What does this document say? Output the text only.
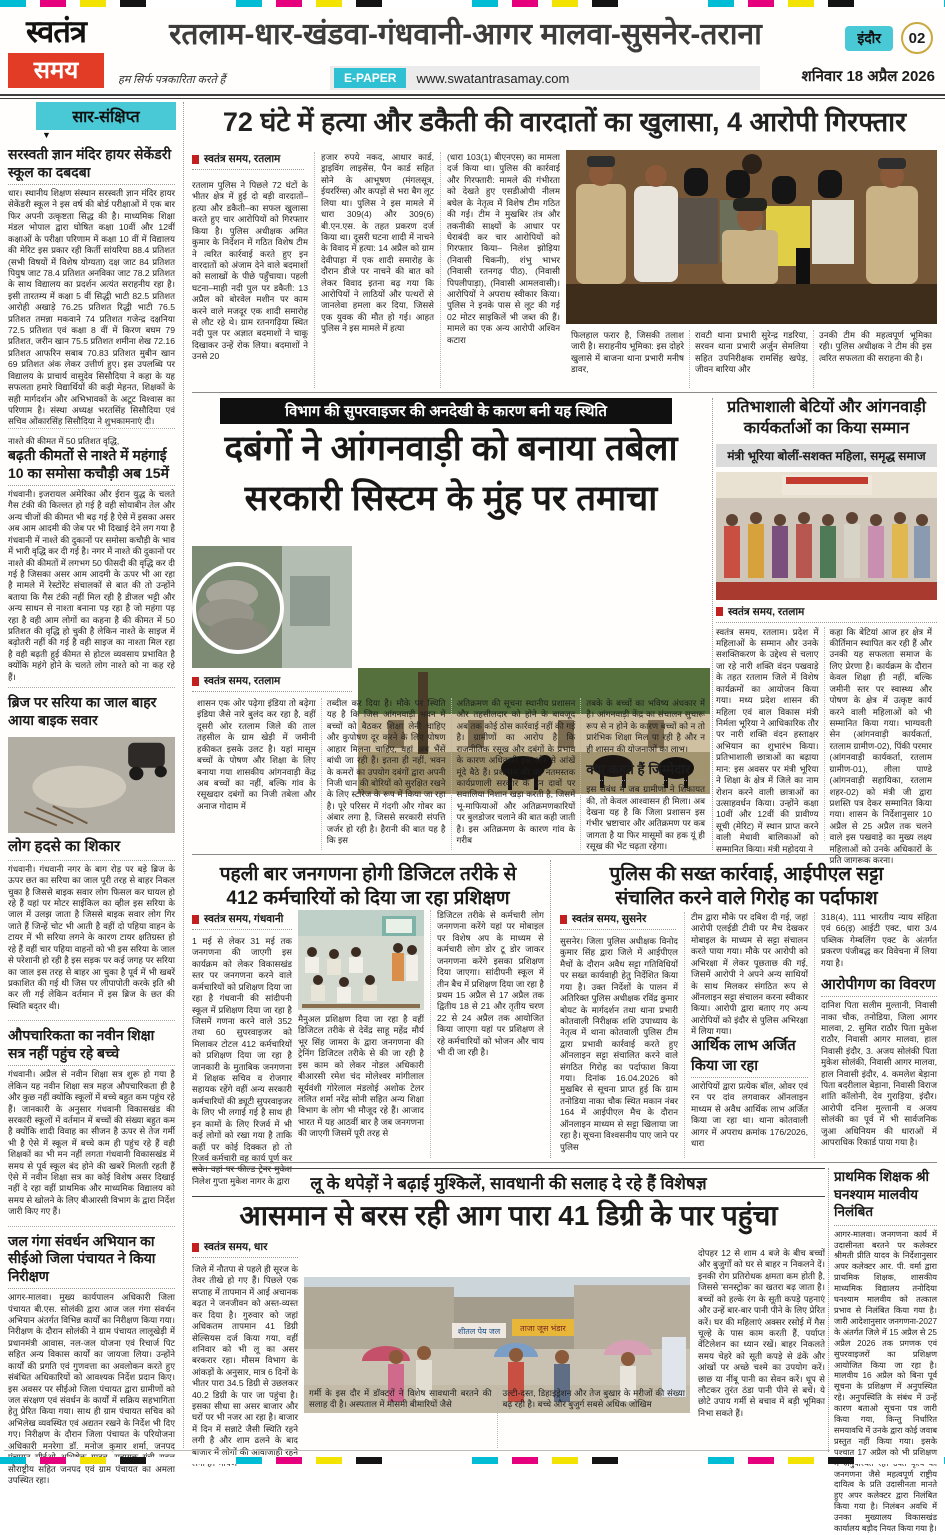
स्वतंत्र
समय
रतलाम-धार-खंडवा-गंधवानी-आगर मालवा-सुसनेर-तराना
हम सिर्फ पत्रकारिता करते हैं	E-PAPER	www.swatantrasamay.com
इंदौर	02
शनिवार 18 अप्रैल 2026
सार-संक्षिप्त
▼
सरस्वती ज्ञान मंदिर हायर सेकेंडरी स्कूल का दबदबा

धार। स्थानीय शिक्षण संस्थान सरस्वती ज्ञान मंदिर हायर सेकेंडरी स्कूल ने इस वर्ष की बोर्ड परीक्षाओं में एक बार फिर अपनी उत्कृष्टता सिद्ध की है। माध्यमिक शिक्षा मंडल भोपाल द्वारा घोषित कक्षा 10वीं और 12वीं कक्षाओं के परीक्षा परिणाम में कक्षा 10 वीं में विद्यालय की मेरिट इस प्रकार रही किर्ती सांयरिया 88.4 प्रतिशत (सभी विषयों में विशेष योग्यता) दक्ष जाट 84 प्रतिशत पियुष जाट 78.4 प्रतिशत अनविका जाट 78.2 प्रतिशत के साथ विद्यालय का प्रदर्शन अत्यंत सराहनीय रहा है। इसी तारतम्य में कक्षा 5 वीं सिद्धी भाटी 82.5 प्रतिशत आरोही अखाड़े 76.25 प्रतिशत रिद्धी भाटी 76.5 प्रतिशत तमन्ना मकवाने 74 प्रतिशत गजेन्द्र दक्षनिया 72.5 प्रतिशत एवं कक्षा 8 वीं में किरण बघम 79 प्रतिशत, जरीन खान 75.5 प्रतिशत शमीना शेख 72.16 प्रतिशत आफरिन सबाब 70.83 प्रतिशत मुबीन खान 69 प्रतिशत अंक लेकर उत्तीर्ण हुए। इस उपलब्धि पर विद्यालय के प्राचार्य वासुदेव सिसौदिया ने कहा के यह सफलता हमारे विद्यार्थियों की कड़ी मेहनत, शिक्षकों के सही मार्गदर्शन और अभिभावकों के अटूट विश्वास का परिणाम है। संस्था अध्यक्ष भरतसिंह सिसौदिया एवं सचिव ओंकारसिंह सिसौदिया ने शुभकामनाएं दी।

नाश्ते की कीमत में 50 प्रतिशत वृद्धि,
बढ़ती कीमतों से नाश्ते में महंगाई 10 का समोसा कचौड़ी अब 15में

गंधवानी। इजरायल अमेरिका और ईरान युद्ध के चलते गैस टंकी की किल्लत हो गई है वही सोयाबीन तेल और अन्य चीजों की कीमत भी बढ़ गई है ऐसे में इसका असर अब आम आदमी की जेब पर भी दिखाई देने लग गया है गंधवानी में नाश्ते की दुकानों पर समोसा कचौड़ी के भाव में भारी वृद्धि कर दी गई है। नगर में नाश्ते की दुकानों पर नाश्ते की कीमतों में लगभग 50 फीसदी की वृद्धि कर दी गई है जिसका असर आम आदमी के ऊपर भी आ रहा है मामले में रेस्टोरेंट संचालकों से बात की तो उन्होंने बताया कि गैस टंकी नहीं मिल रही है डीजल भट्टी और अन्य साधन से नाश्ता बनाना पड़ रहा है जो महंगा पड़ रहा है वही आम लोगों का कहना है की कीमत में 50 प्रतिशत की वृद्धि हो चुकी है लेकिन नाश्ते के साइज में बढ़ोतरी नहीं की गई है वही साइज का नाश्ता मिल रहा है वही बढ़ती हुई कीमत से होटल व्यवसाय प्रभावित है क्योंकि महंगे होने के चलते लोग नाश्ते को ना कह रहे हैं।

ब्रिज पर सरिया का जाल बाहर आया बाइक सवार
लोग हदसे का शिकार

गंधवानी। गंधवानी नगर के बाग रोड़ पर बड़े ब्रिज के ऊपर छत का सरिया का जाल पूरी तरह से बाहर निकल चुका है जिससे बाइक सवार लोग फिसल कर घायल हो रहे हैं यहां पर मोटर साईकिल का व्हील इस सरिया के जाल में उलझ जाता है जिससे बाइक सवार लोग गिर जाते हैं जिन्हें चोट भी आती है वहीं दो पहिया वाहन के टायर में भी सरिया लगने के कारण टायर क्षतिग्रस्त हो रहे हैं वहीं चार पहिया वाहनों को भी इस सरिया के जाल से परेशानी हो रही है इस सड़क पर कई जगह पर सरिया का जाल इस तरह से बाहर आ चुका है पूर्व में भी खबरें प्रकाशित की गई थी जिस पर लीपापोती करके इति श्री कर ली गई लेकिन वर्तमान में इस ब्रिज के छत की स्थिति बद्तर थी।

औपचारिकता का नवीन शिक्षा सत्र नहीं पहुंच रहे बच्चे

गंधवानी। अप्रैल से नवीन शिक्षा सत्र शुरू हो गया है लेकिन यह नवीन शिक्षा सत्र महज औपचारिकता ही है और कुछ नहीं क्योंकि स्कूलों में बच्चे बहुत कम पहुंच रहे हैं। जानकारी के अनुसार गंधवानी विकासखंड की सरकारी स्कूलों में वर्तमान में बच्चों की संख्या बहुत कम है क्योंकि शादी विवाह का सीजन है ऊपर से तेज गर्मी भी है ऐसे में स्कूल में बच्चे कम ही पहुंच रहे हैं वही शिक्षकों का भी मन नहीं लगता गंधवानी विकासखंड में समय से पूर्व स्कूल बंद होने की खबरें मिलती रहती हैं ऐसे में नवीन शिक्षा सत्र का कोई विशेष असर दिखाई नहीं दे रहा वहीं प्राथमिक और माध्यमिक विद्यालय को समय से खोलने के लिए बीआरसी विभाग के द्वारा निर्देश जारी किए गए हैं।

जल गंगा संवर्धन अभियान का सीईओ जिला पंचायत ने किया निरीक्षण

आगर-मालवा। मुख्य कार्यपालन अधिकारी जिला पंचायत बी.एस. सोलंकी द्वारा आज जल गंगा संवर्धन अभियान अंतर्गत विभिन्न कार्यों का निरीक्षण किया गया। निरीक्षण के दौरान सोलंकी ने ग्राम पंचायत लालूखेड़ी में प्रधानमंत्री आवास, नल-जल योजना एवं रिचार्ज पिट सहित अन्य विकास कार्यों का जायजा लिया। उन्होंने कार्यों की प्रगति एवं गुणवत्ता का अवलोकन करते हुए संबंधित अधिकारियों को आवश्यक निर्देश प्रदान किए। इस अवसर पर सीईओ जिला पंचायत द्वारा ग्रामीणों को जल संरक्षण एवं संवर्धन के कार्यों में सक्रिय सहभागिता हेतु प्रेरित किया गया। साथ ही ग्राम पंचायत सचिव को अभिलेख व्यवस्थित एवं अद्यतन रखने के निर्देश भी दिए गए। निरीक्षण के दौरान जिला पंचायत के परियोजना अधिकारी मनरेगा डॉ. मनोज कुमार शर्मा, जनपद सौराष्ट्रीय सहित जनपद एवं ग्राम पंचायत का अमला उपस्थित रहा।

72 घंटे में हत्या और डकैती की वारदातों का खुलासा, 4 आरोपी गिरफ्तार
स्वतंत्र समय, रतलाम

रतलाम पुलिस ने पिछले 72 घंटों के भीतर क्षेत्र में हुई दो बड़ी वारदातों– हत्या और डकैती–का सफल खुलासा करते हुए चार आरोपियों को गिरफ्तार किया है। पुलिस अधीक्षक अमित कुमार के निर्देशन में गठित विशेष टीम ने त्वरित कार्रवाई करते हुए इन वारदातों को अंजाम देने वाले बदमाशों को सलाखों के पीछे पहुँचाया। पहली घटना–माही नदी पुल पर डकैती: 13 अप्रैल को बोरवेल मशीन पर काम करने वाले मजदूर एक शादी समारोह से लौट रहे थे। ग्राम रतनगढ़िया स्थित नदी पुल पर अज्ञात बदमाशों ने चाकू दिखाकर उन्हें रोक लिया। बदमाशों ने उनसे 20

हजार रुपये नकद, आधार कार्ड, ड्राइविंग लाइसेंस, पैन कार्ड सहित सोने के आभूषण (मंगलसूत्र, ईयररिंग्स) और कपड़ों से भरा बैग लूट लिया था। पुलिस ने इस मामले में धारा 309(4) और 309(6) बी.एन.एस. के तहत प्रकरण दर्ज किया था। दूसरी घटना शादी में नाचने के विवाद में हत्या: 14 अप्रैल को ग्राम देवीपाड़ा में एक शादी समारोह के दौरान डीजे पर नाचने की बात को लेकर विवाद इतना बढ़ गया कि आरोपियों ने लाठियों और पत्थरों से जानलेवा हमला कर दिया, जिससे एक युवक की मौत हो गई। आहत पुलिस ने इस मामले में हत्या

(धारा 103(1) बीएनएस) का मामला दर्ज किया था। पुलिस की कार्रवाई और गिरफ्तारी: मामले की गंभीरता को देखते हुए एसडीओपी नीलम बघेल के नेतृत्व में विशेष टीम गठित की गई। टीम ने मुखबिर तंत्र और तकनीकी साक्ष्यों के आधार पर घेराबंदी कर चार आरोपियों को गिरफ्तार किया– निलेश झोड़िया (निवासी चिकनी), शंभु भाभर (निवासी रतनगढ़ पीठ), (निवासी पिपलीपाड़ा), (निवासी आमलवासी)। आरोपियों ने अपराध स्वीकार किया। पुलिस ने इनके पास से लूट की गई 02 मोटर साइकिलें भी जब्त की हैं। मामले का एक अन्य आरोपी अश्विन कटारा	फिलहाल फरार है, जिसकी तलाश जारी है। सराहनीय भूमिका: इस दोहरे खुलासे में बाजना थाना प्रभारी मनीष डावर,

रावटी थाना प्रभारी सुरेन्द्र गडरिया, सरवन थाना प्रभारी अर्जुन सेमलिया सहित उपनिरीक्षक रामसिंह खपेड़, जीवन बारिया और

उनकी टीम की महत्वपूर्ण भूमिका रही। पुलिस अधीक्षक ने टीम की इस त्वरित सफलता की सराहना की है।

विभाग की सुपरवाइजर की अनदेखी के कारण बनी यह स्थिति
दबंगों ने आंगनवाड़ी को बनाया तबेला
सरकारी सिस्टम के मुंह पर तमाचा
स्वतंत्र समय, रतलाम

शासन एक ओर पढ़ेगा इंडिया तो बढ़ेगा इंडिया जैसे नारे बुलंद कर रहा है, वहीं दूसरी ओर रतलाम जिले की ताल तहसील के ग्राम खेड़ी में जमीनी हकीकत इसके उलट है। यहां मासूम बच्चों के पोषण और शिक्षा के लिए बनाया गया शासकीय आंगनवाड़ी केंद्र अब बच्चों का नहीं, बल्कि गांव के रसूखदार दबंगों का निजी तबेला और अनाज गोदाम में

तब्दील कर दिया है। मौके पर स्थिति यह है कि जिस आंगनवाड़ी भवन में बच्चों को बैठकर शिक्षा लेनी चाहिए और कुपोषण दूर करने के लिए पोषण आहार मिलना चाहिए, वहां अब भैंसें बांधी जा रही हैं। इतना ही नहीं, भवन के कमरों का उपयोग दबंगों द्वारा अपनी निजी धान की बोरियों को सुरक्षित रखने के लिए स्टोरेज के रूप में किया जा रहा है। पूरे परिसर में गंदगी और गोबर का अंबार लगा है, जिससे सरकारी संपत्ति जर्जर हो रही है। हैरानी की बात यह है कि इस

अतिक्रमण की सूचना स्थानीय प्रशासन और तहसीलदार को होने के बावजूद अब तक कोई ठोस कार्रवाई नहीं की गई है। ग्रामीणों का आरोप है कि राजनीतिक रसूख और दबंगों के प्रभाव के कारण अधिकारी इस ओर से आंखें मूंदे बैठे हैं। प्रशासन की यह नतमस्तक कार्यप्रणाली सरकार के उन दावों पर सवालिया निशान खड़ा करती है, जिसमें भू-माफियाओं और अतिक्रमणकारियों पर बुलडोजर चलाने की बात कही जाती है। इस अतिक्रमण के कारण गांव के गरीब

तबके के बच्चों का भविष्य अंधकार में है। आंगनवाड़ी केंद्र का संचालन सुचारू रूप से न होने के कारण बच्चों को न तो प्रारंभिक शिक्षा मिल पा रही है और न ही शासन की योजनाओं का लाभ।

क्या कहते हैं जिम्मेदार

इस संबंध में जब ग्रामीणों ने शिकायत की, तो केवल आश्वासन ही मिला। अब देखना यह है कि जिला प्रशासन इस गंभीर भ्रष्टाचार और अतिक्रमण पर कब जागता है या फिर मासूमों का हक यूं ही रसूख की भेंट चढ़ता रहेगा।

प्रतिभाशाली बेटियों और आंगनवाड़ी कार्यकर्ताओं का किया सम्मान
मंत्री भूरिया बोलीं-सशक्त महिला, समृद्ध समाज
स्वतंत्र समय, रतलाम

स्वतंत्र समय, रतलाम। प्रदेश में महिलाओं के सम्मान और उनके सशक्तिकरण के उद्देश्य से चलाए जा रहे नारी शक्ति वंदन पखवाड़े के तहत रतलाम जिले में विशेष कार्यक्रमों का आयोजन किया गया। मध्य प्रदेश शासन की महिला एवं बाल विकास मंत्री निर्मला भूरिया ने आधिकारिक तौर पर नारी शक्ति वंदन हस्ताक्षर अभियान का शुभारंभ किया। प्रतिभाशाली छात्राओं का बढ़ाया मान: इस अवसर पर मंत्री भूरिया ने शिक्षा के क्षेत्र में जिले का नाम रोशन करने वाली छात्राओं का उत्साहवर्धन किया। उन्होंने कक्षा 10वीं और 12वीं की प्रावीण्य सूची (मेरिट) में स्थान प्राप्त करने वाली मेधावी बालिकाओं को सम्मानित किया। मंत्री महोदया ने

कहा कि बेटियां आज हर क्षेत्र में कीर्तिमान स्थापित कर रही हैं और उनकी यह सफलता समाज के लिए प्रेरणा है। कार्यक्रम के दौरान केवल शिक्षा ही नहीं, बल्कि जमीनी स्तर पर स्वास्थ्य और पोषण के क्षेत्र में उत्कृष्ट कार्य करने वाली महिलाओं को भी सम्मानित किया गया। भाग्यवती सेन (आंगनवाड़ी कार्यकर्ता, रतलाम ग्रामीण-02), पिंकी परमार (आंगनवाड़ी कार्यकर्ता, रतलाम ग्रामीण-01), लीला पाण्डे (आंगनवाड़ी सहायिका, रतलाम शहर-02) को मंत्री जी द्वारा प्रशस्ति पत्र देकर सम्मानित किया गया। शासन के निर्देशानुसार 10 अप्रैल से 25 अप्रैल तक चलने वाले इस पखवाड़े का मुख्य लक्ष्य महिलाओं को उनके अधिकारों के प्रति जागरूक करना।

पहली बार जनगणना होगी डिजिटल तरीके से
412 कर्मचारियों को दिया जा रहा प्रशिक्षण
स्वतंत्र समय, गंधवानी

1 मई से लेकर 31 मई तक जनगणना की जाएगी इस कार्यक्रम को लेकर विकासखंड स्तर पर जनगणना करने वाले कर्मचारियों को प्रशिक्षण दिया जा रहा है गंधवानी की सांदीपनी स्कूल में प्रशिक्षण दिया जा रहा है जिसमें गणना करने वाले 352 तथा 60 सुपरवाइजर को मिलाकर टोटल 412 कर्मचारियों को प्रशिक्षण दिया जा रहा है जानकारी के मुताबिक जनगणना में शिक्षक सचिव व रोजगार सहायक रहेंगे वहीं अन्य सरकारी कर्मचारियों की ड्यूटी सुपरवाइजर के लिए भी लगाई गई है साथ ही इन कामों के लिए रिजर्व में भी कई लोगों को रखा गया है ताकि कहीं पर कोई दिक्कत हो तो रिजर्व कर्मचारी वह कार्य पूर्ण कर सके। वहां पर फील्ड ट्रेनर मुकेश निलेश गुप्ता मुकेश नागर के द्वारा

मैनुअल प्रशिक्षण दिया जा रहा है वहीं डिजिटल तरीके से देवेंद्र साहू महेंद्र मौर्य भूर सिंह जामरा के द्वारा जनगणना की ट्रेनिंग डिजिटल तरीके से की जा रही है इस काम को लेकर नोडल अधिकारी बीआरसी रमेश चंद मोलेश्वर मांगीलाल सूर्यवंशी गोरेलाल मंडलोई अशोक टेलर ललित शर्मा नरेंद्र सोनी सहित अन्य शिक्षा विभाग के लोग भी मौजूद रहे हैं। आजाद भारत में यह आठवीं बार है जब जनगणना की जाएगी जिसमें पूरी तरह से

डिजिटल तरीके से कर्मचारी लोग जनगणना करेंगे यहां पर मोबाइल पर विशेष अप के माध्यम से कर्मचारी लोग डोर टू डोर जाकर जनगणना करेंगे इसका प्रशिक्षण दिया जाएगा। सांदीपनी स्कूल में तीन बैच में प्रशिक्षण दिया जा रहा है प्रथम 15 अप्रैल से 17 अप्रैल तक द्वितीय 18 से 21 और तृतीय चरण 22 से 24 अप्रैल तक आयोजित किया जाएगा यहां पर प्रशिक्षण ले रहे कर्मचारियों को भोजन और चाय भी दी जा रही है।

पुलिस की सख्त कार्रवाई, आईपीएल सट्टा
संचालित करने वाले गिरोह का पर्दाफाश
स्वतंत्र समय, सुसनेर

सुसनेर। जिला पुलिस अधीक्षक विनोद कुमार सिंह द्वारा जिले में आईपीएल मैचों के दौरान अवैध सट्टा गतिविधियों पर सख्त कार्यवाही हेतु निर्देशित किया गया है। उक्त निर्देशों के पालन में अतिरिक्त पुलिस अधीक्षक रविंद्र कुमार बोयट के मार्गदर्शन तथा थाना प्रभारी कोतवाली निरीक्षक शशि उपाध्याय के नेतृत्व में थाना कोतवाली पुलिस टीम द्वारा प्रभावी कार्रवाई करते हुए ऑनलाइन सट्टा संचालित करने वाले संगठित गिरोह का पर्दाफाश किया गया। दिनांक 16.04.2026 को मुखबिर से सूचना प्राप्त हुई कि ग्राम तनोडिया नाका चौक स्थित मकान नंबर 164 में आईपीएल मैच के दौरान ऑनलाइन माध्यम से सट्टा खिलाया जा रहा है। सूचना विश्वसनीय पाए जाने पर पुलिस

टीम द्वारा मौके पर दबिश दी गई, जहां आरोपी एलईडी टीवी पर मैच देखकर मोबाइल के माध्यम से सट्टा संचालन करते पाया गया। मौके पर आरोपी को अभिरक्षा में लेकर पूछताछ की गई, जिसमें आरोपी ने अपने अन्य साथियों के साथ मिलकर संगठित रूप से ऑनलाइन सट्टा संचालन करना स्वीकार किया। आरोपी द्वारा बताए गए अन्य आरोपियों को इंदौर से पुलिस अभिरक्षा में लिया गया।

आर्थिक लाभ अर्जित किया जा रहा

आरोपियों द्वारा प्रत्येक बॉल, ओवर एवं रन पर दांव लगवाकर ऑनलाइन माध्यम से अवैध आर्थिक लाभ अर्जित किया जा रहा था। थाना कोतवाली आगर में अपराध क्रमांक 176/2026, धारा

318(4), 111 भारतीय न्याय संहिता एवं 66(इ) आईटी एक्ट, धारा 3/4 पब्लिक गेम्बलिंग एक्ट के अंतर्गत प्रकरण पंजीबद्ध कर विवेचना में लिया गया है।

आरोपीगण का विवरण

दानिश पिता सलीम मुल्तानी, निवासी नाका चौक, तनोडिया, जिला आगर मालवा, 2. सुमित राठौर पिता मुकेश राठौर, निवासी आगर मालवा, हाल निवासी इंदौर, 3. अजय सोलंकी पिता मुकेश सोलंकी, निवासी आगर मालवा, हाल निवासी इंदौर, 4. कमलेश बेड़ाना पिता बदरीलाल बेड़ाना, निवासी विराज शांति कॉलोनी, देव गुराड़िया, इंदौर। आरोपी दनिश मुल्तानी व अजय सोलंकी का पूर्व में भी सार्वजनिक जुआ अधिनियम की धाराओं में आपराधिक रिकार्ड पाया गया है।

लू के थपेड़ों ने बढ़ाई मुश्किलें, सावधानी की सलाह दे रहे हैं विशेषज्ञ
आसमान से बरस रही आग पारा 41 डिग्री के पार पहुंचा
स्वतंत्र समय, धार

जिले में नौतपा से पहले ही सूरज के तेवर तीखे हो गए हैं। पिछले एक सप्ताह में तापमान में आई अचानक बढ़त ने जनजीवन को अस्त-व्यस्त कर दिया है। गुरुवार को जहां अधिकतम तापमान 41 डिग्री सेल्सियस दर्ज किया गया, वहीं शनिवार को भी लू का असर बरकरार रहा। मौसम विभाग के आंकड़ों के अनुसार, मात्र 6 दिनों के भीतर पारा 34.5 डिग्री से उछलकर 40.2 डिग्री के पार जा पहुंचा है। इसका सीधा सा असर बाजार और घरों पर भी नजर आ रहा है। बाजार में दिन में सन्नाटे जैसी स्थिति रहने लगी है और शाम ढलने के बाद बाजार में लोगों की आवाजाही रहने

शीतल पेय जल ताजा जूस भंडार

गर्मी के इस दौर में डॉक्टरों ने विशेष सावधानी बरतने की सलाह दी है। अस्पताल में मौसमी बीमारियों जैसे

उल्टी-दस्त, डिहाइड्रेशन और तेज बुखार के मरीजों की संख्या बढ़ रही है। बच्चे और बुजुर्ग सबसे अधिक जोखिम

दोपहर 12 से शाम 4 बजे के बीच बच्चों और बुजुर्गों को घर से बाहर न निकलने दें। इनकी रोग प्रतिरोधक क्षमता कम होती है, जिससे 'सनस्ट्रोक' का खतरा बढ़ जाता है। बच्चों को हल्के रंग के सूती कपड़े पहनाएं और उन्हें बार-बार पानी पीने के लिए प्रेरित करें। घर की महिलाएं अक्सर रसोई में गैस चूल्हे के पास काम करती हैं, पर्याप्त वेंटिलेशन का ध्यान रखें। बाहर निकलते समय चेहरे को सूती कपड़े से ढंकें और आंखों पर अच्छे चश्मे का उपयोग करें। छाछ या नींबू पानी का सेवन करें। धूप से लौटकर तुरंत ठंडा पानी पीने से बचें। ये छोटे उपाय गर्मी से बचाव में बड़ी भूमिका निभा सकते हैं।

प्राथमिक शिक्षक श्री घनश्याम मालवीय निलंबित

आगर-मालवा। जनगणना कार्य में उदासीनता बरतने पर कलेक्टर श्रीमती प्रीति यादव के निर्देशानुसार अपर कलेक्टर आर. पी. वर्मा द्वारा प्राथमिक शिक्षक, शासकीय माध्यमिक विद्यालय तनोदिया घनश्याम मालवीय को तत्काल प्रभाव से निलंबित किया गया है। जारी आदेशानुसार जनगणना-2027 के अंतर्गत जिले में 15 अप्रैल से 25 अप्रैल 2026 तक प्रगणक एवं सुपरवाइजरों का प्रशिक्षण आयोजित किया जा रहा है। मालवीय 16 अप्रैल को बिना पूर्व सूचना के प्रशिक्षण में अनुपस्थित रहे। अनुपस्थिति के संबंध में उन्हें कारण बताओ सूचना पत्र जारी किया गया, किन्तु निर्धारित समयावधि में उनके द्वारा कोई जवाब प्रस्तुत नहीं किया गया। इसके पश्चात 17 अप्रैल को भी प्रशिक्षण जनगणना जैसे महत्वपूर्ण राष्ट्रीय दायित्व के प्रति उदासीनता मानते हुए अपर कलेक्टर द्वारा निलंबित किया गया है। निलंबन अवधि में उनका मुख्यालय विकासखंड कार्यालय बड़ौद नियत किया गया है।
